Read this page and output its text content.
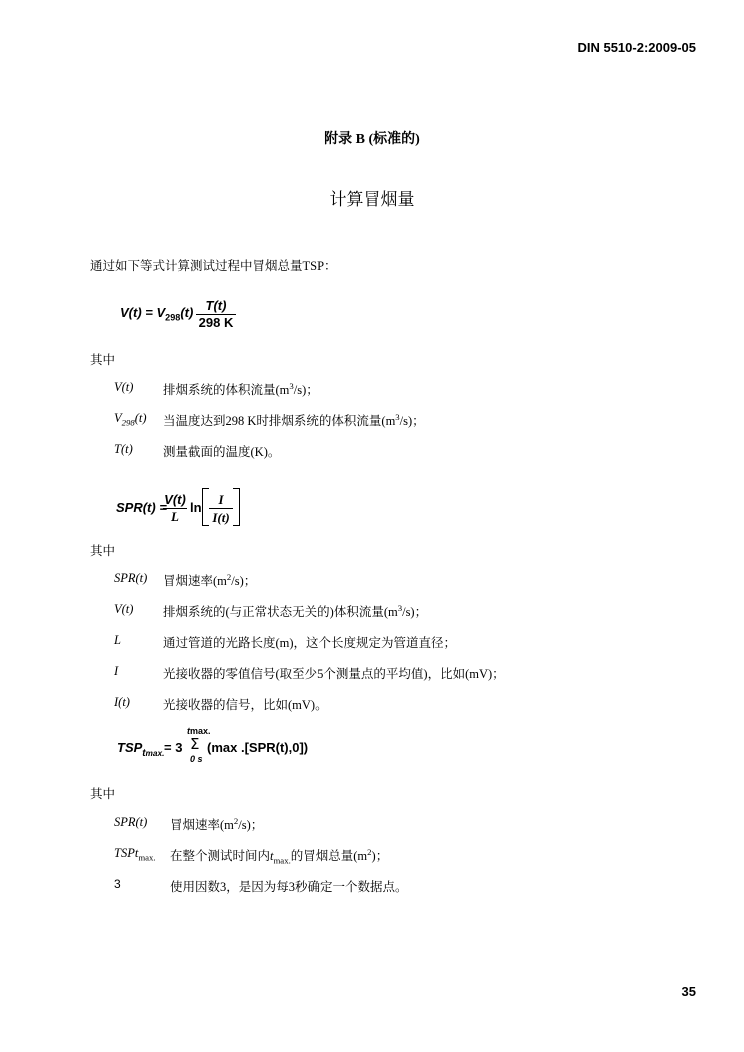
DIN 5510-2:2009-05
附录 B (标准的)
计算冒烟量
通过如下等式计算测试过程中冒烟总量TSP：
$V(t) = V_{298}(t)$ T(t)
298 K
其中
V(t) 排烟系统的体积流量$(m^3/s)$；
$V_{298}(t)$ 当温度达到298 K时排烟系统的体积流量$(m^3/s)$；
T(t) 测量截面的温度(K)。
SPR(t) =
V(t)
L
ln
I
I(t)
其中
SPR(t) 冒烟速率$(m^2/s)$；
V(t) 排烟系统的(与正常状态无关的)体积流量$(m^3/s)$；
L	通过管道的光路长度(m)，这个长度规定为管道直径；
I	光接收器的零值信号(取至少5个测量点的平均值)，比如(mV)；
I(t)	光接收器的信号，比如(mV)。
$TSP_{tmax.} = 3$
tmax.
Σ
0 s
(max .[SPR(t),0])
其中
SPR(t) 冒烟速率$(m^2/s)$；
TSPt$_{max.}$ 在整个测试时间内$t_{max.}$的冒烟总量$(m^2)$；
3	使用因数3，是因为每3秒确定一个数据点。
35
